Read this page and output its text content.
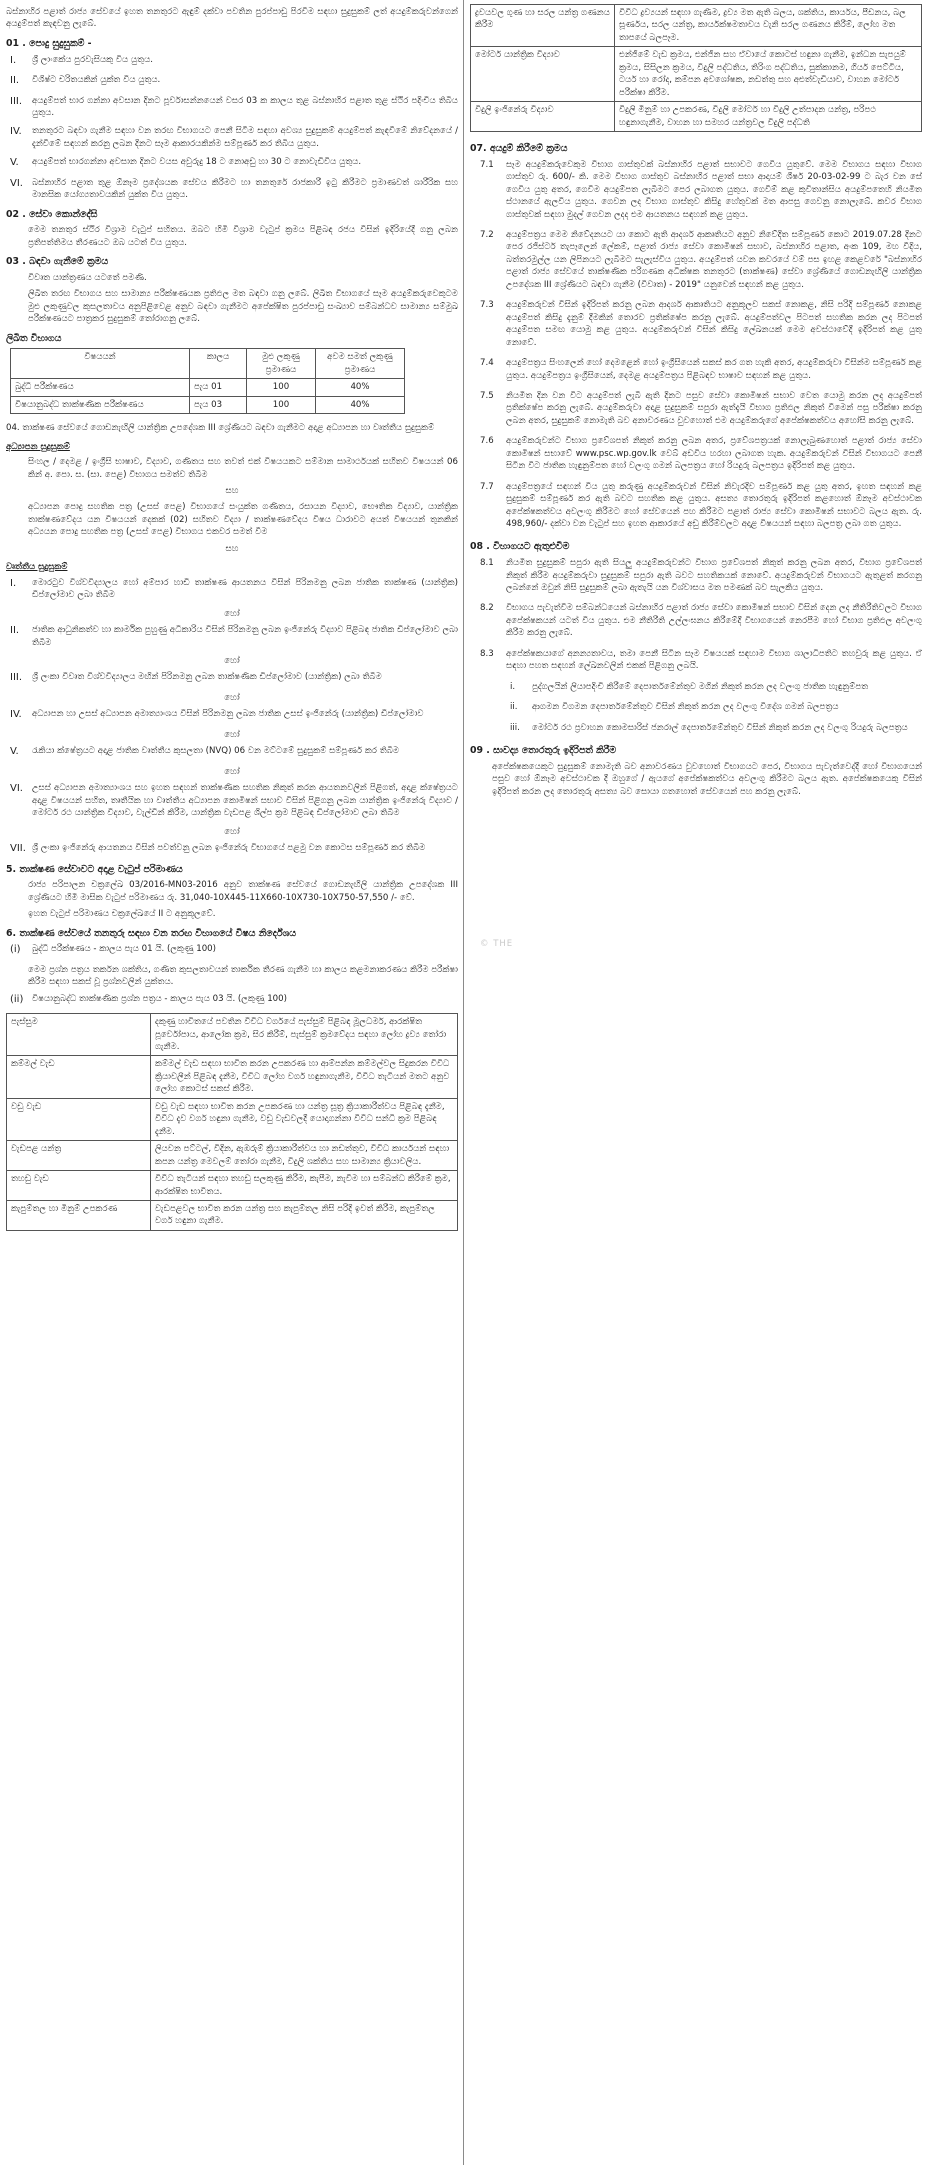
බස්නාහිර පළාත් රාජ්‍ය සේවයේ ඉහත තනතුරට ඇඳුම් දක්වා පවතින පුරප්පාඩු පිරවීම සඳහා සුදුසුකම් ලත් අයදුම්කරුවන්ගෙන් අයදුම්පත් කැඳවනු ලැබේ.

01 . පොදු සුදුසුකම් -
I.	ශ්‍රී ලාංකේය පුරවැසියකු විය යුතුය.
II.	විශිෂ්ට චරිතයකින් යුක්ත විය යුතුය.
III.	අයදුම්පත් භාර ගන්නා අවසාන දිනට පූර්වාසන්නයෙන් වසර 03 ක කාලය තුළ බස්නාහිර පළාත තුළ ස්ථිර පදිංචිය තිබිය යුතුය.
IV.	තනතුරට බඳවා ගැනීම සඳහා වන තරඟ විභාගයට පෙනී සිටීම සඳහා අවශ්‍ය සුදුසුකම් අයදුම්පත් කැඳවීමේ නිවේදනයේ / දැන්වීමේ සඳහන් කරනු ලබන දිනට සෑම ආකාරයකින්ම සම්පූර්ණ කර තිබිය යුතුය.
V.	අයදුම්පත් භාරගන්නා අවසාන දිනට වයස අවුරුදු 18 ට නොඅඩු හා 30 ට නොවැඩිවිය යුතුය.
VI.	බස්නාහිර පළාත තුළ ඕනෑම ප්‍රදේශයක සේවය කිරීමට හා තනතුරේ රාජකාරී ඉටු කිරීමට ප්‍රමාණවත් ශාරීරික සහ මානසික යෝග්‍යතාවයකින් යුක්ත විය යුතුය.
02 . සේවා කොන්දේසි

මෙම තනතුර ස්ථිර විශ්‍රාම වැටුප් සහිතය. ඔබට හිමි විශ්‍රාම වැටුප් ක්‍රමය පිළිබඳ රජය විසින් ඉදිරියේදී ගනු ලබන ප්‍රතිපත්තිමය තීරණයට ඔබ යටත් විය යුතුය.

03 . බඳවා ගැනීමේ ක්‍රමය

විවෘත යාන්ත්‍රණය යටතේ පමණි.

ලිඛිත තරඟ විභාගය සහ සාමාන්‍ය පරීක්ෂණයක ප්‍රතිඵල මත බඳවා ගනු ලබේ. ලිඛිත විභාගයේ සෑම අයදුම්කරුවෙකුටම මුළු ලකුණුවල කුසලතාවය අනුපිළිවෙළ අනුව බඳවා ගැනීමට අපේක්ෂිත පුරප්පාඩු සංඛ්‍යාව සම්බන්ධව සාමාන්‍ය සම්මුඛ පරීක්ෂණයට පාත්‍රකර සුදුසුකම් තෝරාගනු ලබේ.

ලිඛිත විභාගය
විෂයයන්	කාලය	මුළු ලකුණු ප්‍රමාණය	අවම සමත් ලකුණු ප්‍රමාණය
බුද්ධි පරීක්ෂණය	පැය 01	100	40%
විෂයානුබද්ධ තාක්ෂණික පරීක්ෂණය	පැය 03	100	40%

04. තාක්ෂණ සේවයේ ගොඩනැඟිලි යාන්ත්‍රික උපදේශක III ශ්‍රේණියට බඳවා ගැනීමට අදාළ අධ්‍යාපන හා වෘත්තීය සුදුසුකම්

අධ්‍යාපන සුදුසුකම්

සිංහල / දෙමළ / ඉංග්‍රීසි භාෂාව, විද්‍යාව, ගණිතය සහ තවත් එක් විෂයයකට සම්මාන සාමාර්ථයක් සහිතව විෂයයන් 06 කින් අ. පො. ස. (සා. පෙළ) විභාගය සමත්ව තිබීම

සහ

අධ්‍යාපන පොදු සහතික පත්‍ර (උසස් පෙළ) විභාගයේ සංයුක්ත ගණිතය, රසායන විද්‍යාව, භෞතික විද්‍යාව, යාන්ත්‍රික තාක්ෂණවේදය යන විෂයයන් දෙකක් (02) සහිතව විද්‍යා / තාක්ෂණවේදය විෂය ධාරාවට අයත් විෂයයන් තුනකින් අධ්‍යයන පොදු සහතික පත්‍ර (උසස් පෙළ) විභාගය එකවර සමත් වීම

සහ
වෘත්තීය සුදුසුකම්
I.	මොරටුව විශ්වවිද්‍යාලය හෝ අම්පාර හාඩි තාක්ෂණ ආයතනය විසින් පිරිනමනු ලබන ජාතික තාක්ෂණ (යාන්ත්‍රික) ඩිප්ලෝමාව ලබා තිබීම
හෝ
II.	ජාතික ආධුනිකත්ව හා කාර්මික පුහුණු අධිකාරිය විසින් පිරිනමනු ලබන ඉංජිනේරු විද්‍යාව පිළිබඳ ජාතික ඩිප්ලෝමාව ලබා තිබීම
හෝ
III.	ශ්‍රී ලංකා විවෘත විශ්වවිද්‍යාලය මඟින් පිරිනමනු ලබන තාක්ෂණික ඩිප්ලෝමාව (යාන්ත්‍රික) ලබා තිබීම
හෝ
IV.	අධ්‍යාපන හා උසස් අධ්‍යාපන අමාත්‍යාංශය විසින් පිරිනමනු ලබන ජාතික උසස් ඉංජිනේරු (යාන්ත්‍රික) ඩිප්ලෝමාව
හෝ
V.	රැකියා ක්ෂේත්‍රයට අදාළ ජාතික වෘත්තීය කුසලතා (NVQ) 06 වන මට්ටමේ සුදුසුකම් සම්පූර්ණ කර තිබීම
හෝ
VI.	උසස් අධ්‍යාපන අමාත්‍යාංශය සහ ඉහත සඳහන් තාක්ෂණික සහතික නිකුත් කරන ආයතනවලින් පිළිගත්, අදාළ ක්ෂේත්‍රයට අදාළ විෂයයන් සහිත, තෘතීයික හා වෘත්තීය අධ්‍යාපන කොමිෂන් සභාව විසින් පිළිගනු ලබන යාන්ත්‍රික ඉංජිනේරු විද්‍යාව / මෝටර් රථ යාන්ත්‍රික විද්‍යාව, වැල්ඩින් කිරීම, යාන්ත්‍රික වැඩපළ ශිල්ප ක්‍රම පිළිබඳ ඩිප්ලෝමාව ලබා තිබීම
හෝ
VII. ශ්‍රී ලංකා ඉංජිනේරු ආයතනය විසින් පවත්වනු ලබන ඉංජිනේරු විභාගයේ පළමු වන කොටස සම්පූර්ණ කර තිබීම
5. තාක්ෂණ සේවාවට අදාළ වැටුප් පරිමාණය

රාජ්‍ය පරිපාලන චක්‍රලේඛ 03/2016-MN03-2016 අනුව තාක්ෂණ සේවයේ ගොඩනැඟිලි යාන්ත්‍රික උපදේශක III ශ්‍රේණියට හිමි මාසික වැටුප් පරිමාණය රු. 31,040-10X445-11X660-10X730-10X750-57,550 /- වේ.

ඉහත වැටුප් පරිමාණය චක්‍රලේඛයේ II ට අනුකූලවේ.

6. තාක්ෂණ සේවයේ තනතුරු සඳහා වන තරඟ විභාගයේ විෂය නිර්දේශය
(i)	බුද්ධි පරීක්ෂණය - කාලය පැය 01 යි. (ලකුණු 100)

මෙම ප්‍රශ්න පත්‍රය තර්කන ශක්තිය, ගණිත කුසලතාවයන් තාර්කික තීරණ ගැනීම හා කාලය කළමනාකරණය කිරීම පරීක්ෂා කිරීම සඳහා සකස් වූ ප්‍රශ්නවලින් යුක්තය.

(ii)	විෂයානුබද්ධ තාක්ෂණික ප්‍රශ්න පත්‍රය - කාලය පැය 03 යි. (ලකුණු 100)
පැස්සුම	දකුණු හාවිතයේ පවතින විවිධ වර්ගයේ පැස්සුම් පිළිබඳ මූලධර්ම, ආරක්ෂිත පූර්වෝපාය, ආලෝක ක්‍රම, සිර කිරීම්, පැස්සුම් ක්‍රමවේදය සඳහා ලෝහ ද්‍රව්‍ය තෝරා ගැනීම.
කම්මල් වැඩ	කම්මල් වැඩ සඳහා භාවිත කරන උපකරණ හා ආම්පන්න කම්මල්වල සිදුකරන විවිධ ක්‍රියාවලීන් පිළිබඳ දැනීම, විවිධ ලෝහ වර්ග හඳුනාගැනීම, විවිධ තැටියන් මතට අනුව ලෝහ කොටස් සකස් කිරීම.
වඩු වැඩ	වඩු වැඩ සඳහා භාවිත කරන උපකරණ හා යන්ත්‍ර සූත්‍ර ක්‍රියාකාරීත්වය පිළිබඳ දැනීම, විවිධ දැව වර්ග හඳුනා ගැනීම, වඩු වැඩවලදී යොදාගන්නා විවිධ සන්ධි ක්‍රම පිළිබඳ දැනීම.
වැඩපළ යන්ත්‍ර	ලියවන පට්ටල්, විදින, ඇඹරුම් ක්‍රියාකාරීත්වය හා නඩත්තුව, විවිධ කාර්යයන් සඳහා කපන යන්ත්‍ර මෙවලම් තෝරා ගැනීම, විදුලි ශක්තිය සහ සාමාන්‍ය ක්‍රියාවලිය.
තහඩු වැඩ	විවිධ තැටියන් සඳහා තහඩු සලකුණු කිරීම, කැපීම, නැවීම හා සම්බන්ධ කිරීමේ ක්‍රම, ආරක්ෂිත භාවිතය.
කැපුම්තල හා මිනුම් උපකරණ	වැඩපළවල භාවිත කරන යන්ත්‍ර සහ කැපුම්තල නිසි පරිදි ඉවත් කිරීම, කැපුම්තල වර්ග හඳුනා ගැනීම.
ද්‍රවයවල ගුණ හා සරල යන්ත්‍ර ගණනය කිරීම	විවිධ ද්‍රව්‍යයන් සඳහා ගැණීම, ද්‍රව්‍ය මත ඇති බලය, ශක්තිය, කාර්යය, පීඩනය, බල සූර්ණය, සරල යන්ත්‍ර, කාර්යක්ෂමතාවය වැනි සරල ගණනය කිරීම්, ලෝහ මත තාපයේ බලපෑම.
මෝටර් යාන්ත්‍රික විද්‍යාව	එන්ජිමේ වැඩ ක්‍රමය, එන්ජින සහ ඒවායේ කොටස් හඳුනා ගැනීම, ඉන්ධන සැපයුම් ක්‍රමය, සිසිලන ක්‍රමය, විදුලි පද්ධතිය, තිරිංග පද්ධතිය, සුක්කානම, ගියර් පෙට්ටිය, ටයර් හා රෝද, කම්පන අවශෝෂක, නඩත්තු සහ අළුත්වැඩියාව, වාහන මෝටර් පරීක්ෂා කිරීම.
විදුලි ඉංජිනේරු විද්‍යාව	විදුලි මිනුම් හා උපකරණ, විදුලි මෝටර් හා විදුලි උත්පාදන යන්ත්‍ර, පරිපථ හඳුනාගැනීම, වාහන හා සමහර යන්ත්‍රවල විදුලි පද්ධති
07. අයදුම් කිරීමේ ක්‍රමය
7.1	සෑම අයදුම්කරුවෙකුම විභාග ගාස්තුවක් බස්නාහිර පළාත් සභාවට ගෙවිය යුතුවේ. මෙම විභාගය සඳහා විභාග ගාස්තුව රු. 600/- කි. මෙම විභාග ගාස්තුව බස්නාහිර පළාත් සභා ආදායම් ශීර්ෂ 20-03-02-99 ට බැර වන සේ ගෙවිය යුතු අතර, ගෙවීම අයදුම්පත ලැබීමට පෙර ලබාගත යුතුය. ගෙවීම් කළ කුවිතාන්සිය අයදුම්පතෙහි නියමිත ස්ථානයේ ඇලවිය යුතුය. ගෙවන ලද විභාග ගාස්තුව කිසිදු හේතුවක් මත ආපසු ගෙවනු නොලැබේ. කවර විභාග ගාස්තුවක් සඳහා මුදල් ගෙවන ලදද එම ආයතනය සඳහන් කළ යුතුය.
7.2	අයදුම්පත්‍රය මෙම නිවේදනයට යා කොට ඇති ආදර්ශ ආකෘතියට අනුව නිවේදිත සම්පූර්ණ කොට 2019.07.28 දිනට පෙර රජිස්ටර් තැපෑලෙන් ලේකම්, පළාත් රාජ්‍ය සේවා කොමිෂන් සභාව, බස්නාහිර පළාත, අංක 109, මහ වීදිය, බත්තරමුල්ල යන ලිපිනයට ලැබීමට සැලැස්විය යුතුය. අයදුම්පත් යවන කවරයේ වම් පස ඉහළ කෙළවරේ "බස්නාහිර පළාත් රාජ්‍ය සේවයේ තාක්ෂණික පරිගණක අධීක්ෂක තනතුරට (තාක්ෂණ) සේවා ශ්‍රේණියේ ගොඩනැඟිලි යාන්ත්‍රික උපදේශක III ශ්‍රේණියට බඳවා ගැනීම (විවෘත) - 2019" යනුවෙන් සඳහන් කළ යුතුය.
7.3	අයදුම්කරුවන් විසින් ඉදිරිපත් කරනු ලබන ආදර්ශ ආකෘතියට අනුකූලව සකස් නොකළ, නිසි පරිදි සම්පූර්ණ නොකළ අයදුම්පත් කිසිදු දැනුම් දීමකින් තොරව ප්‍රතික්ෂේප කරනු ලැබේ. අයදුම්පත්වල පිටපත් සහතික කරන ලද පිටපත් අයදුම්පත සමඟ යොමු කළ යුතුය. අයදුම්කරුවන් විසින් කිසිදු ලේඛනයක් මෙම අවස්ථාවේදී ඉදිරිපත් කළ යුතු නොවේ.
7.4	අයදුම්පත්‍රය සිංහලෙන් හෝ දෙමළෙන් හෝ ඉංග්‍රීසියෙන් සකස් කර ගත හැකි අතර, අයදුම්කරුවා විසින්ම සම්පූර්ණ කළ යුතුය. අයදුම්පත්‍රය ඉංග්‍රීසියෙන්, දෙමළ අයදුම්පත්‍රය පිළිබඳව භාෂාව සඳහන් කළ යුතුය.
7.5	නියමිත දින වන විට අයදුම්පත් ලැබී ඇති දිනට පසුව සේවා කොමිෂන් සභාව වෙත යොමු කරන ලද අයදුම්පත් ප්‍රතික්ෂේප කරනු ලැබේ. අයදුම්කරුවා අදාළ සුදුසුකම් සපුරා ඇත්දැයි විභාග ප්‍රතිඵල නිකුත් වීමෙන් පසු පරීක්ෂා කරනු ලබන අතර, සුදුසුකම් නොමැති බව අනාවරණය වුවහොත් එම අයදුම්කරුගේ අපේක්ෂකත්වය අහෝසි කරනු ලැබේ.
7.6	අයදුම්කරුවන්ට විභාග ප්‍රවේශපත් නිකුත් කරනු ලබන අතර, ප්‍රවේශපත්‍රයක් නොලැබුණහොත් පළාත් රාජ්‍ය සේවා කොමිෂන් සභාවේ www.psc.wp.gov.lk වෙබ් අඩවිය හරහා ලබාගත හැක. අයදුම්කරුවන් විසින් විභාගයට පෙනී සිටින විට ජාතික හැඳුනුම්පත හෝ වලංගු ගමන් බලපත්‍රය හෝ රියදුරු බලපත්‍රය ඉදිරිපත් කළ යුතුය.
7.7	අයදුම්පත්‍රයේ සඳහන් විය යුතු කරුණු අයදුම්කරුවන් විසින් නිවැරදිව සම්පූර්ණ කළ යුතු අතර, ඉහත සඳහන් කළ සුදුසුකම් සම්පූර්ණ කර ඇති බවට සහතික කළ යුතුය. අසත්‍ය තොරතුරු ඉදිරිපත් කළහොත් ඕනෑම අවස්ථාවක අපේක්ෂකත්වය අවලංගු කිරීමට හෝ සේවයෙන් පහ කිරීමට පළාත් රාජ්‍ය සේවා කොමිෂන් සභාවට බලය ඇත. රු. 498,960/- දක්වා වන වැටුප් සහ ඉහත ආකාරයේ අඩු කිරීම්වලට අදාළ විෂයයන් සඳහා බලපත්‍ර ලබා ගත යුතුය.
08 . විභාගයට ඇතුළුවීම
8.1	නියමිත සුදුසුකම් සපුරා ඇති සියලු අයදුම්කරුවන්ට විභාග ප්‍රවේශපත් නිකුත් කරනු ලබන අතර, විභාග ප්‍රවේශපත් නිකුත් කිරීම අයදුම්කරුවා සුදුසුකම් සපුරා ඇති බවට සහතිකයක් නොවේ. අයදුම්කරුවන් විභාගයට ඇතුළත් කරගනු ලබන්නේ ඔවුන් නිසි සුදුසුකම් ලබා ඇතැයි යන විශ්වාසය මත පමණක් බව සැලකිය යුතුය.
8.2	විභාගය පැවැත්වීම සම්බන්ධයෙන් බස්නාහිර පළාත් රාජ්‍ය සේවා කොමිෂන් සභාව විසින් දෙන ලද නීතිරීතිවලට විභාග අපේක්ෂකයන් යටත් විය යුතුය. එම නීතිරීති උල්ලංඝනය කිරීමේදී විභාගයෙන් නෙරපීම හෝ විභාග ප්‍රතිඵල අවලංගු කිරීම කරනු ලැබේ.
8.3	අපේක්ෂකයාගේ අනන්‍යතාවය, තමා පෙනී සිටින සෑම විෂයයක් සඳහාම විභාග ශාලාධිපතිට තහවුරු කළ යුතුය. ඒ සඳහා පහත සඳහන් ලේඛනවලින් එකක් පිළිගනු ලබයි.
i.	පුද්ගලයින් ලියාපදිංචි කිරීමේ දෙපාර්තමේන්තුව මගින් නිකුත් කරන ලද වලංගු ජාතික හැඳුනුම්පත
ii.	ආගමන විගමන දෙපාර්තමේන්තුව විසින් නිකුත් කරන ලද වලංගු විදේශ ගමන් බලපත්‍රය
iii.	මෝටර් රථ ප්‍රවාහන කොමසාරිස් ජනරාල් දෙපාර්තමේන්තුව විසින් නිකුත් කරන ලද වලංගු රියදුරු බලපත්‍රය
09 . සාවද්‍ය තොරතුරු ඉදිරිපත් කිරීම

අපේක්ෂකයෙකුට සුදුසුකම් නොමැති බව අනාවරණය වුවහොත් විභාගයට පෙර, විභාගය පැවැත්වෙද්දී හෝ විභාගයෙන් පසුව හෝ ඕනෑම අවස්ථාවක දී ඔහුගේ / ඇයගේ අපේක්ෂකත්වය අවලංගු කිරීමට බලය ඇත. අපේක්ෂකයෙකු විසින් ඉදිරිපත් කරන ලද තොරතුරු අසත්‍ය බව සොයා ගතහොත් සේවයෙන් පහ කරනු ලැබේ.

© THE
